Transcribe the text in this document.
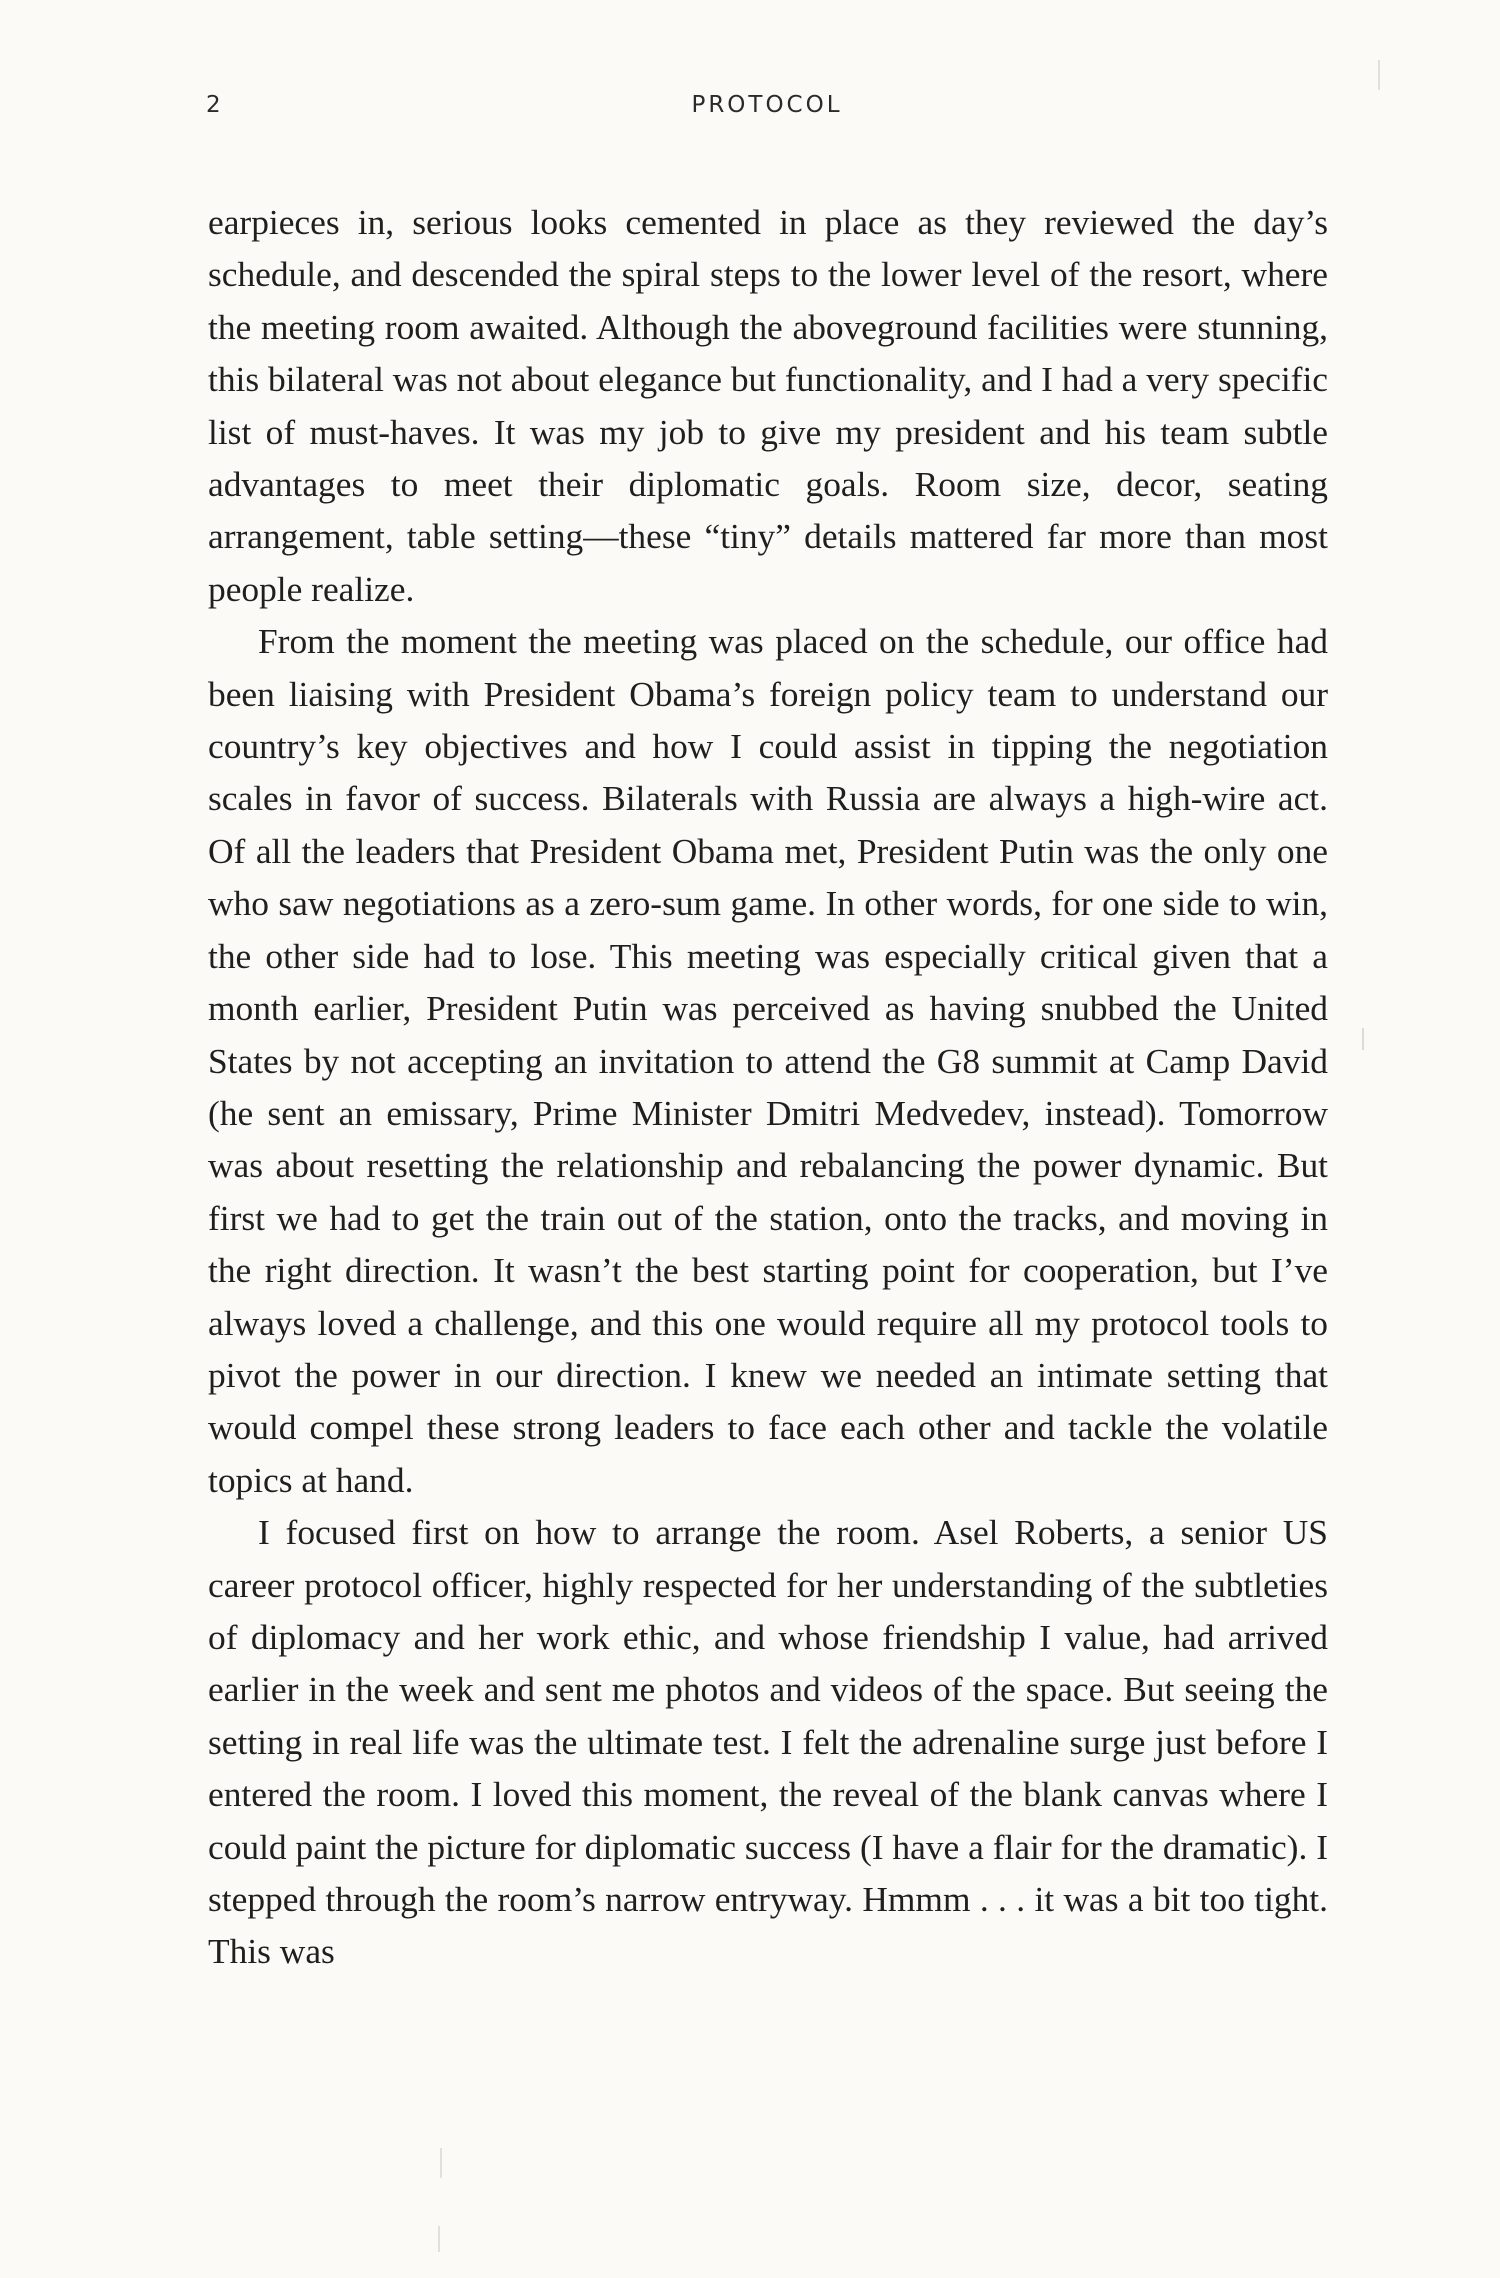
2	PROTOCOL

earpieces in, serious looks cemented in place as they reviewed the day’s schedule, and descended the spiral steps to the lower level of the resort, where the meeting room awaited. Although the aboveground facilities were stunning, this bilateral was not about elegance but functionality, and I had a very specific list of must-haves. It was my job to give my president and his team subtle advantages to meet their diplomatic goals. Room size, decor, seating arrangement, table setting—these “tiny” details mattered far more than most people realize.

From the moment the meeting was placed on the schedule, our office had been liaising with President Obama’s foreign policy team to understand our country’s key objectives and how I could assist in tipping the negotiation scales in favor of success. Bilaterals with Russia are always a high-wire act. Of all the leaders that President Obama met, President Putin was the only one who saw negotiations as a zero-sum game. In other words, for one side to win, the other side had to lose. This meeting was especially critical given that a month earlier, President Putin was perceived as having snubbed the United States by not accepting an invitation to attend the G8 summit at Camp David (he sent an emissary, Prime Minister Dmitri Medvedev, instead). Tomorrow was about resetting the relationship and rebalancing the power dynamic. But first we had to get the train out of the station, onto the tracks, and moving in the right direction. It wasn’t the best starting point for cooperation, but I’ve always loved a challenge, and this one would require all my protocol tools to pivot the power in our direction. I knew we needed an intimate setting that would compel these strong leaders to face each other and tackle the volatile topics at hand.

I focused first on how to arrange the room. Asel Roberts, a senior US career protocol officer, highly respected for her understanding of the subtleties of diplomacy and her work ethic, and whose friendship I value, had arrived earlier in the week and sent me photos and videos of the space. But seeing the setting in real life was the ultimate test. I felt the adrenaline surge just before I entered the room. I loved this moment, the reveal of the blank canvas where I could paint the picture for diplomatic success (I have a flair for the dramatic). I stepped through the room’s narrow entryway. Hmmm . . . it was a bit too tight. This was
